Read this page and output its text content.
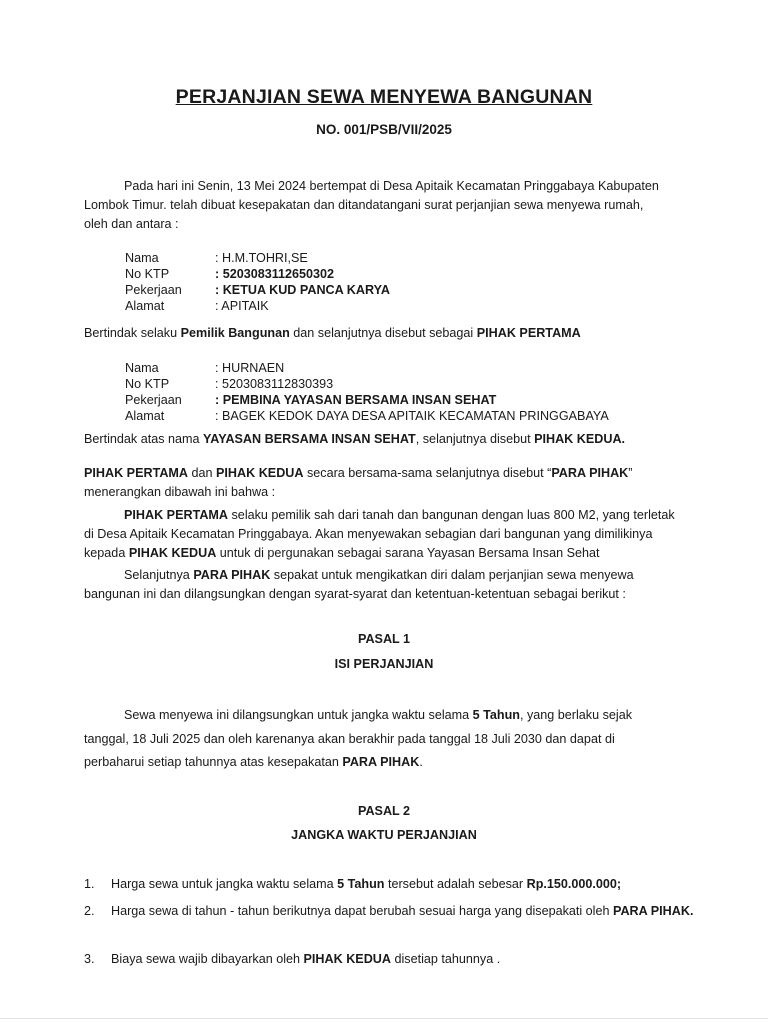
PERJANJIAN SEWA MENYEWA BANGUNAN
NO. 001/PSB/VII/2025
Pada hari ini Senin, 13 Mei 2024 bertempat di Desa Apitaik Kecamatan Pringgabaya Kabupaten
Lombok Timur. telah dibuat kesepakatan dan ditandatangani surat perjanjian sewa menyewa rumah,
oleh dan antara :
Nama	: H.M.TOHRI,SE
No KTP	: 5203083112650302
Pekerjaan	: KETUA KUD PANCA KARYA
Alamat	: APITAIK
Bertindak selaku Pemilik Bangunan dan selanjutnya disebut sebagai PIHAK PERTAMA
Nama	: HURNAEN
No KTP	: 5203083112830393
Pekerjaan	: PEMBINA YAYASAN BERSAMA INSAN SEHAT
Alamat	: BAGEK KEDOK DAYA DESA APITAIK KECAMATAN PRINGGABAYA
Bertindak atas nama YAYASAN BERSAMA INSAN SEHAT, selanjutnya disebut PIHAK KEDUA.
PIHAK PERTAMA dan PIHAK KEDUA secara bersama-sama selanjutnya disebut “PARA PIHAK”
menerangkan dibawah ini bahwa :
PIHAK PERTAMA selaku pemilik sah dari tanah dan bangunan dengan luas 800 M2, yang terletak
di Desa Apitaik Kecamatan Pringgabaya. Akan menyewakan sebagian dari bangunan yang dimilikinya
kepada PIHAK KEDUA untuk di pergunakan sebagai sarana Yayasan Bersama Insan Sehat
Selanjutnya PARA PIHAK sepakat untuk mengikatkan diri dalam perjanjian sewa menyewa
bangunan ini dan dilangsungkan dengan syarat-syarat dan ketentuan-ketentuan sebagai berikut :
PASAL 1
ISI PERJANJIAN
Sewa menyewa ini dilangsungkan untuk jangka waktu selama 5 Tahun, yang berlaku sejak
tanggal, 18 Juli 2025 dan oleh karenanya akan berakhir pada tanggal 18 Juli 2030 dan dapat di
perbaharui setiap tahunnya atas kesepakatan PARA PIHAK.
PASAL 2
JANGKA WAKTU PERJANJIAN
1. Harga sewa untuk jangka waktu selama 5 Tahun tersebut adalah sebesar Rp.150.000.000;
2. Harga sewa di tahun - tahun berikutnya dapat berubah sesuai harga yang disepakati oleh PARA PIHAK.
3. Biaya sewa wajib dibayarkan oleh PIHAK KEDUA disetiap tahunnya .
